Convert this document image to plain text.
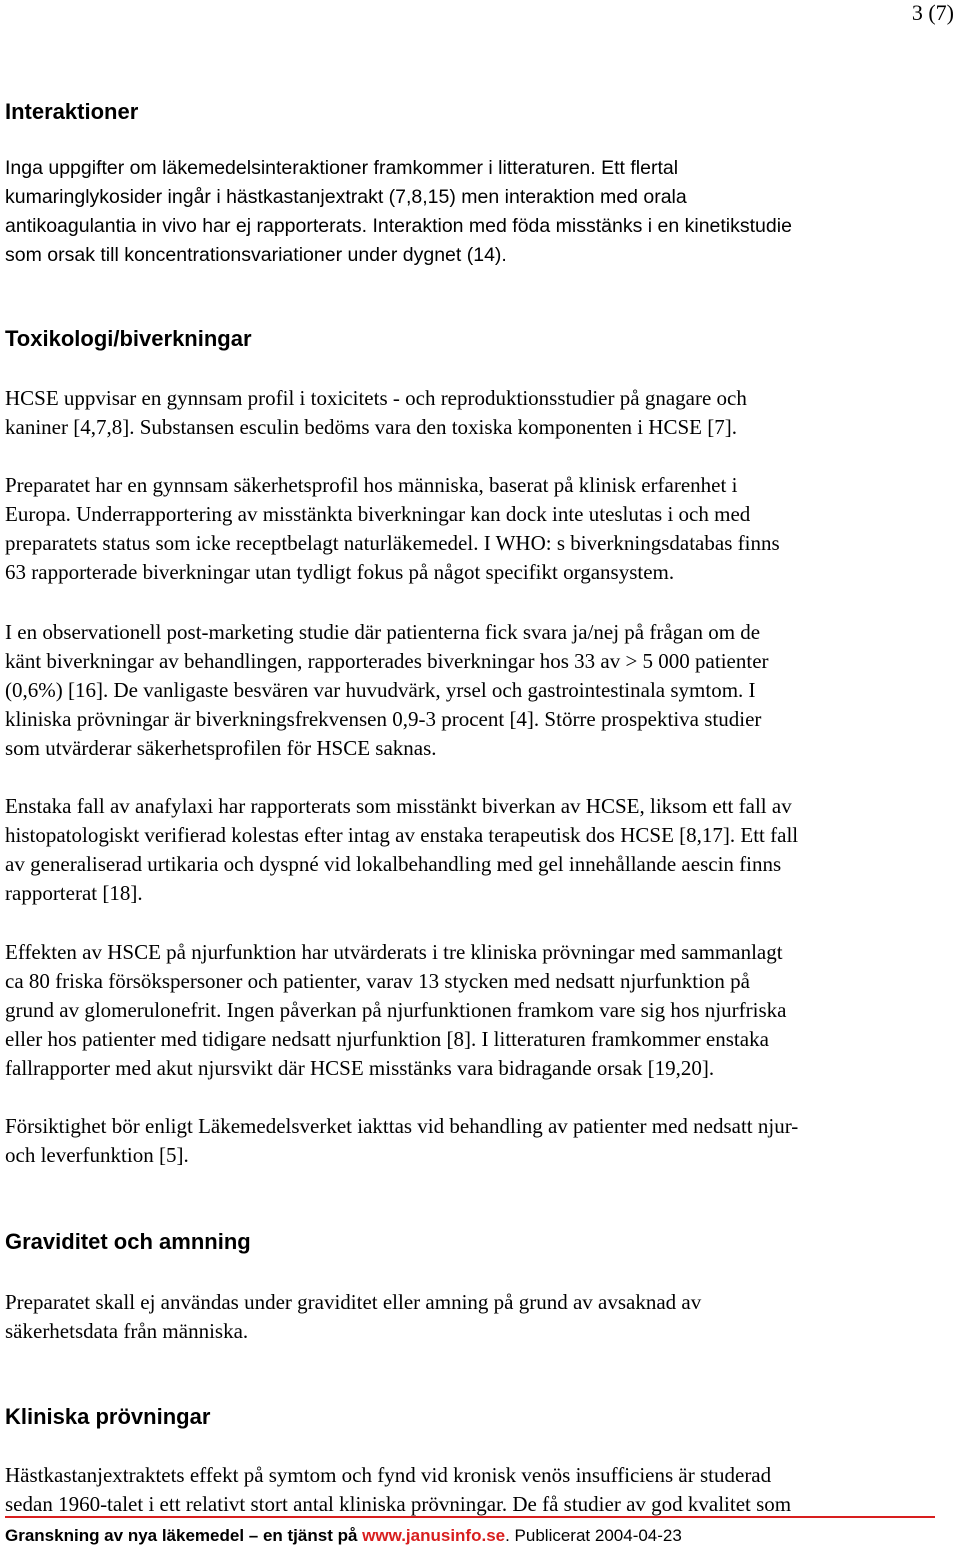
3 (7)
Interaktioner
Inga uppgifter om läkemedelsinteraktioner framkommer i litteraturen. Ett flertal
kumaringlykosider ingår i hästkastanjextrakt (7,8,15) men interaktion med orala
antikoagulantia in vivo har ej rapporterats. Interaktion med föda misstänks i en kinetikstudie
som orsak till koncentrationsvariationer under dygnet (14).
Toxikologi/biverkningar
HCSE uppvisar en gynnsam profil i toxicitets - och reproduktionsstudier på gnagare och
kaniner [4,7,8]. Substansen esculin bedöms vara den toxiska komponenten i HCSE [7].
Preparatet har en gynnsam säkerhetsprofil hos människa, baserat på klinisk erfarenhet i
Europa. Underrapportering av misstänkta biverkningar kan dock inte uteslutas i och med
preparatets status som icke receptbelagt naturläkemedel. I WHO: s biverkningsdatabas finns
63 rapporterade biverkningar utan tydligt fokus på något specifikt organsystem.
I en observationell post-marketing studie där patienterna fick svara ja/nej på frågan om de
känt biverkningar av behandlingen, rapporterades biverkningar hos 33 av > 5 000 patienter
(0,6%) [16]. De vanligaste besvären var huvudvärk, yrsel och gastrointestinala symtom. I
kliniska prövningar är biverkningsfrekvensen 0,9-3 procent [4]. Större prospektiva studier
som utvärderar säkerhetsprofilen för HSCE saknas.
Enstaka fall av anafylaxi har rapporterats som misstänkt biverkan av HCSE, liksom ett fall av
histopatologiskt verifierad kolestas efter intag av enstaka terapeutisk dos HCSE [8,17]. Ett fall
av generaliserad urtikaria och dyspné vid lokalbehandling med gel innehållande aescin finns
rapporterat [18].
Effekten av HSCE på njurfunktion har utvärderats i tre kliniska prövningar med sammanlagt
ca 80 friska försökspersoner och patienter, varav 13 stycken med nedsatt njurfunktion på
grund av glomerulonefrit. Ingen påverkan på njurfunktionen framkom vare sig hos njurfriska
eller hos patienter med tidigare nedsatt njurfunktion [8]. I litteraturen framkommer enstaka
fallrapporter med akut njursvikt där HCSE misstänks vara bidragande orsak [19,20].
Försiktighet bör enligt Läkemedelsverket iakttas vid behandling av patienter med nedsatt njur-
och leverfunktion [5].
Graviditet och amnning
Preparatet skall ej användas under graviditet eller amning på grund av avsaknad av
säkerhetsdata från människa.
Kliniska prövningar
Hästkastanjextraktets effekt på symtom och fynd vid kronisk venös insufficiens är studerad
sedan 1960-talet i ett relativt stort antal kliniska prövningar. De få studier av god kvalitet som
Granskning av nya läkemedel – en tjänst på www.janusinfo.se. Publicerat 2004-04-23
